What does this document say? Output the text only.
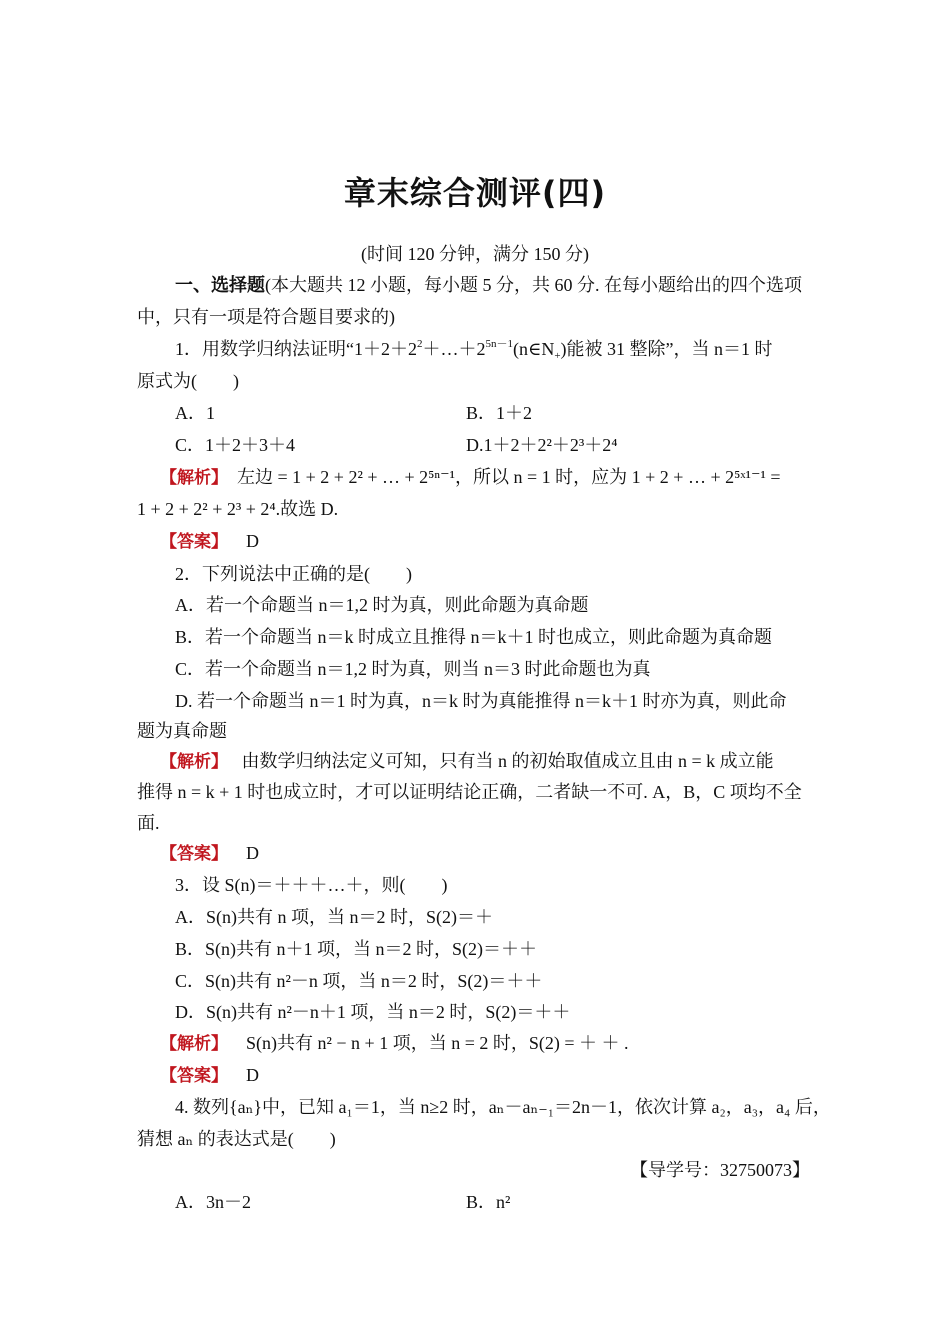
章末综合测评(四)
(时间 120 分钟，满分 150 分)
一、选择题(本大题共 12 小题，每小题 5 分，共 60 分. 在每小题给出的四个选项
中，只有一项是符合题目要求的)
1．用数学归纳法证明“$1+2+2^2+\dots+2^{5n-1}(n\in N_+)$能被 31 整除”，当 n＝1 时
原式为(　　)
A．1	B．1＋2
C．1＋2＋3＋4	D.1＋2＋2²＋2³＋2⁴
【解析】 左边 = 1 + 2 + 2² + … + 2⁵ⁿ⁻¹，所以 n = 1 时，应为 1 + 2 + … + 2⁵ˣ¹⁻¹ =
1 + 2 + 2² + 2³ + 2⁴.故选 D.
【答案】 D
2．下列说法中正确的是(　　)
A．若一个命题当 n＝1,2 时为真，则此命题为真命题
B．若一个命题当 n＝k 时成立且推得 n＝k＋1 时也成立，则此命题为真命题
C．若一个命题当 n＝1,2 时为真，则当 n＝3 时此命题也为真
D. 若一个命题当 n＝1 时为真，n＝k 时为真能推得 n＝k＋1 时亦为真，则此命
题为真命题
【解析】 由数学归纳法定义可知，只有当 n 的初始取值成立且由 n = k 成立能
推得 n = k + 1 时也成立时，才可以证明结论正确，二者缺一不可. A，B，C 项均不全
面.
【答案】 D
3．设 S(n)＝＋＋＋…＋，则(　　)
A．S(n)共有 n 项，当 n＝2 时，S(2)＝＋
B．S(n)共有 n＋1 项，当 n＝2 时，S(2)＝＋＋
C．S(n)共有 n²－n 项，当 n＝2 时，S(2)＝＋＋
D．S(n)共有 n²－n＋1 项，当 n＝2 时，S(2)＝＋＋
【解析】 S(n)共有 n² − n + 1 项，当 n = 2 时，S(2) = ＋ ＋ .
【答案】 D
4. 数列{aₙ}中，已知 a₁＝1，当 n≥2 时，aₙ－aₙ₋₁＝2n－1，依次计算 a₂，a₃，a₄ 后，
猜想 aₙ 的表达式是(　　)
【导学号：32750073】
A．3n－2	B．n²
